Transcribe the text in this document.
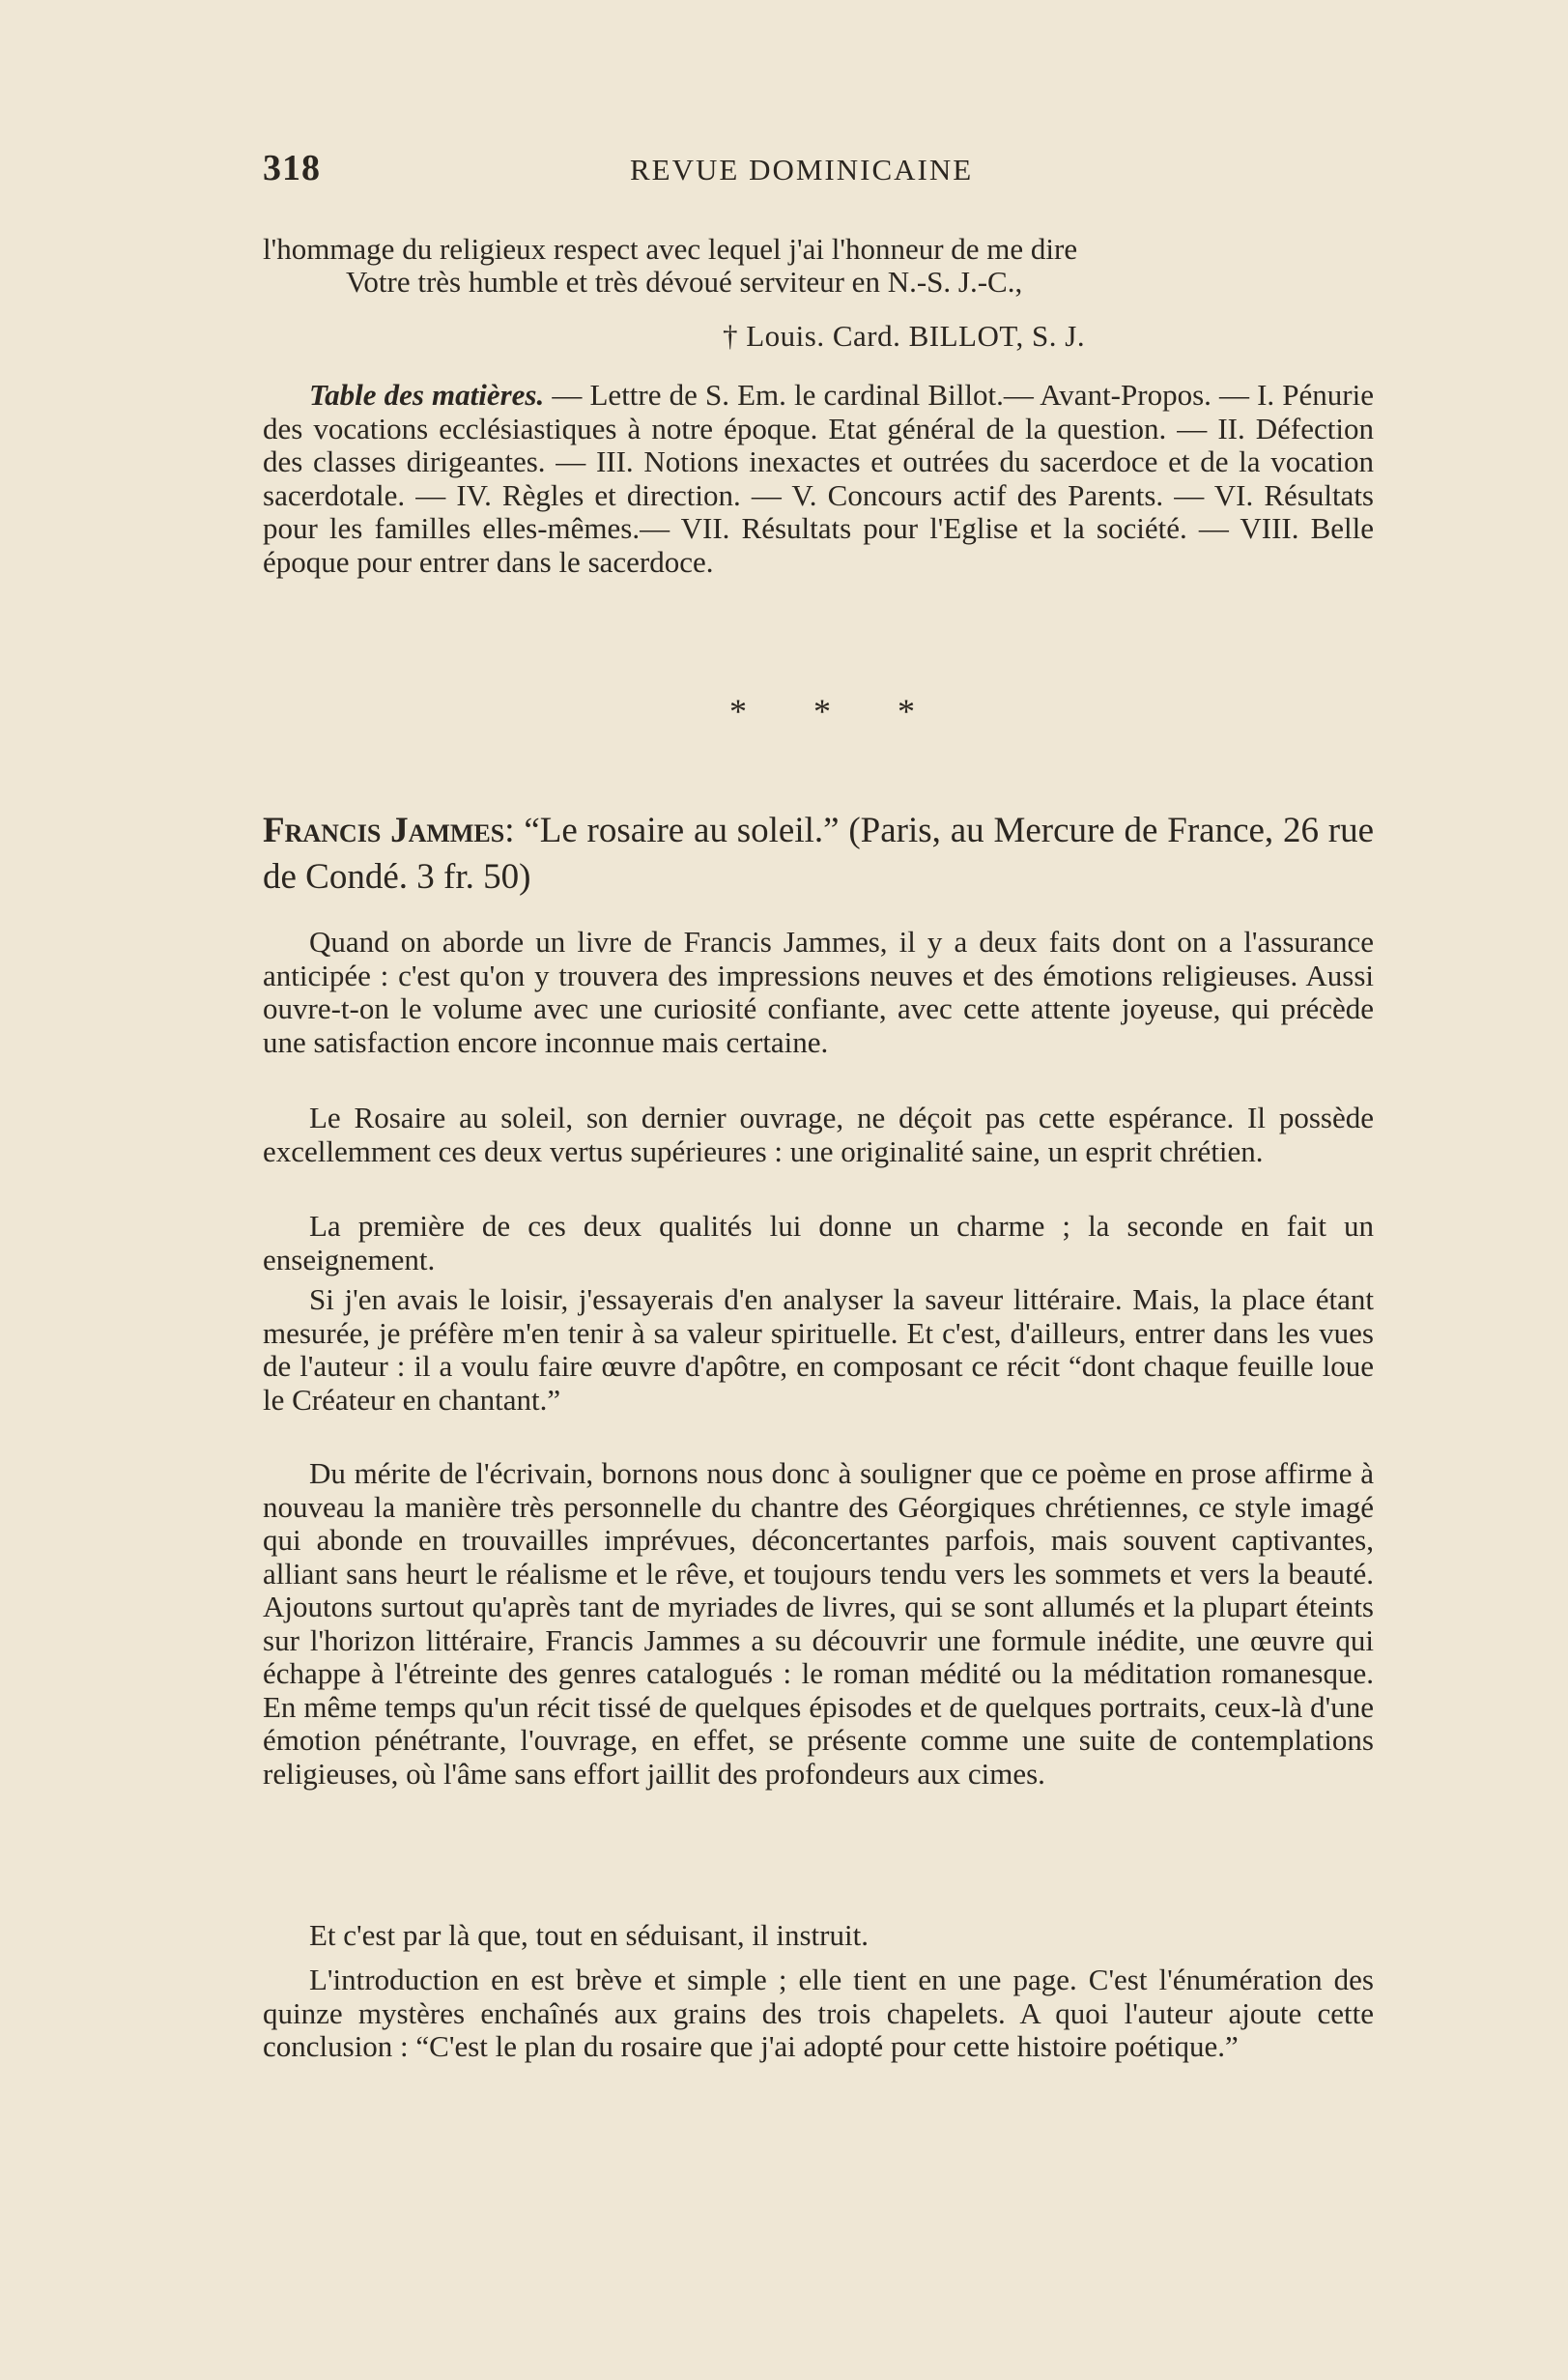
318	REVUE DOMINICAINE
l'hommage du religieux respect avec lequel j'ai l'honneur de me dire
Votre très humble et très dévoué serviteur en N.-S. J.-C.,
† Louis. Card. BILLOT, S. J.

Table des matières. — Lettre de S. Em. le cardinal Billot.— Avant-Propos. — I. Pénurie des vocations ecclésiastiques à notre époque. Etat général de la question. — II. Défection des classes dirigeantes. — III. Notions inexactes et outrées du sacerdoce et de la vocation sacerdotale. — IV. Règles et direction. — V. Concours actif des Parents. — VI. Résultats pour les familles elles-mêmes.— VII. Résultats pour l'Eglise et la société. — VIII. Belle époque pour entrer dans le sacerdoce.

* * *
Francis Jammes: “Le rosaire au soleil.” (Paris, au Mercure de France, 26 rue de Condé. 3 fr. 50)

Quand on aborde un livre de Francis Jammes, il y a deux faits dont on a l'assurance anticipée : c'est qu'on y trouvera des impressions neuves et des émotions religieuses. Aussi ouvre-t-on le volume avec une curiosité confiante, avec cette attente joyeuse, qui précède une satisfaction encore inconnue mais certaine.

Le Rosaire au soleil, son dernier ouvrage, ne déçoit pas cette espérance. Il possède excellemment ces deux vertus supérieures : une originalité saine, un esprit chrétien.

La première de ces deux qualités lui donne un charme ; la seconde en fait un enseignement.

Si j'en avais le loisir, j'essayerais d'en analyser la saveur littéraire. Mais, la place étant mesurée, je préfère m'en tenir à sa valeur spirituelle. Et c'est, d'ailleurs, entrer dans les vues de l'auteur : il a voulu faire œuvre d'apôtre, en composant ce récit “dont chaque feuille loue le Créateur en chantant.”

Du mérite de l'écrivain, bornons nous donc à souligner que ce poème en prose affirme à nouveau la manière très personnelle du chantre des Géorgiques chrétiennes, ce style imagé qui abonde en trouvailles imprévues, déconcertantes parfois, mais souvent captivantes, alliant sans heurt le réalisme et le rêve, et toujours tendu vers les sommets et vers la beauté. Ajoutons surtout qu'après tant de myriades de livres, qui se sont allumés et la plupart éteints sur l'horizon littéraire, Francis Jammes a su découvrir une formule inédite, une œuvre qui échappe à l'étreinte des genres catalogués : le roman médité ou la méditation romanesque. En même temps qu'un récit tissé de quelques épisodes et de quelques portraits, ceux-là d'une émotion pénétrante, l'ouvrage, en effet, se présente comme une suite de contemplations religieuses, où l'âme sans effort jaillit des profondeurs aux cimes.

Et c'est par là que, tout en séduisant, il instruit.

L'introduction en est brève et simple ; elle tient en une page. C'est l'énumération des quinze mystères enchaînés aux grains des trois chapelets. A quoi l'auteur ajoute cette conclusion : “C'est le plan du rosaire que j'ai adopté pour cette histoire poétique.”
